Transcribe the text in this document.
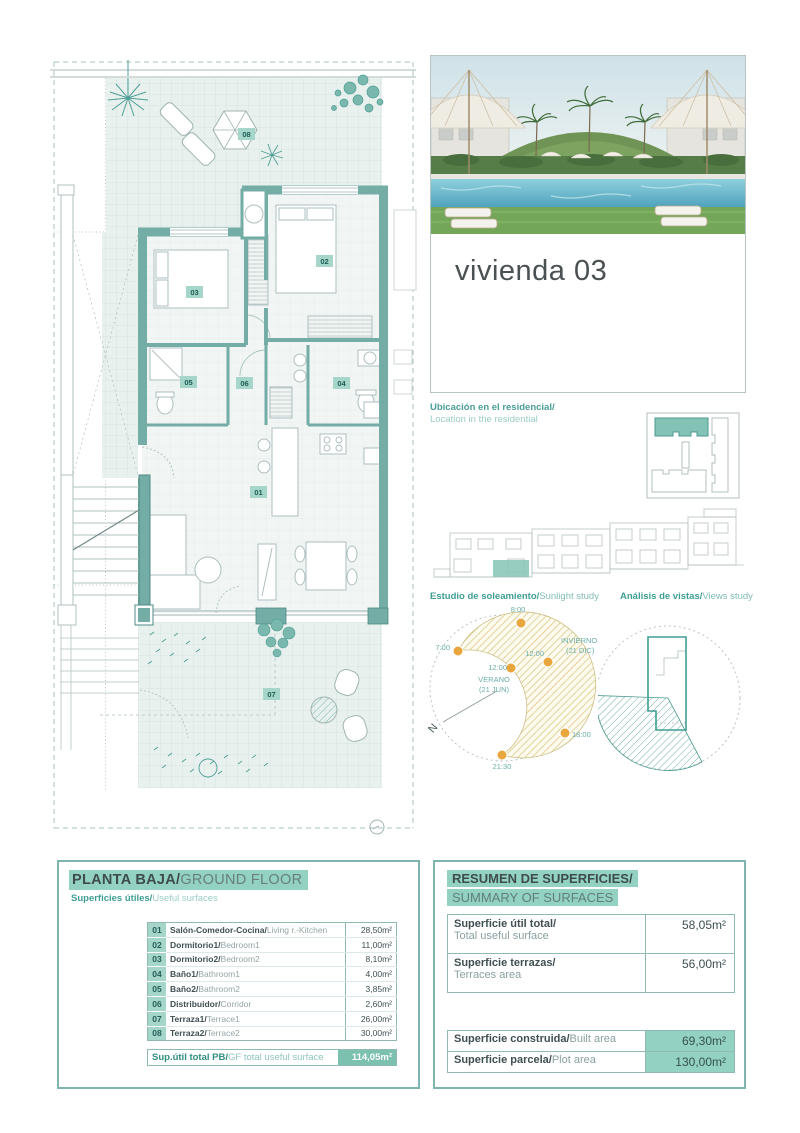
08
02
03
05	06	04
01
07
vivienda 03
Ubicación en el residencial/
Location in the residential
Estudio de soleamiento/Sunlight study Análisis de vistas/Views study
N
8:00
7:00
12:00
12:00
18:00
21:30
INVIERNO
(21 DIC)
VERANO
(21 JUN)
PLANTA BAJA/GROUND FLOOR
Superficies útiles/Useful surfaces
01	Salón-Comedor-Cocina/Living r.-Kitchen	28,50m²
02	Dormitorio1/Bedroom1	11,00m²
03	Dormitorio2/Bedroom2	8,10m²
04	Baño1/Bathroom1	4,00m²
05	Baño2/Bathroom2	3,85m²
06	Distribuidor/Corridor	2,60m²
07	Terraza1/Terrace1	26,00m²
08	Terraza2/Terrace2	30,00m²
Sup.útil total PB/GF total useful surface	114,05m²
RESUMEN DE SUPERFICIES/
SUMMARY OF SURFACES
Superficie útil total/
Total useful surface	58,05m²

Superficie terrazas/
Terraces area	56,00m²
Superficie construida/Built area	69,30m²
Superficie parcela/Plot area	130,00m²
